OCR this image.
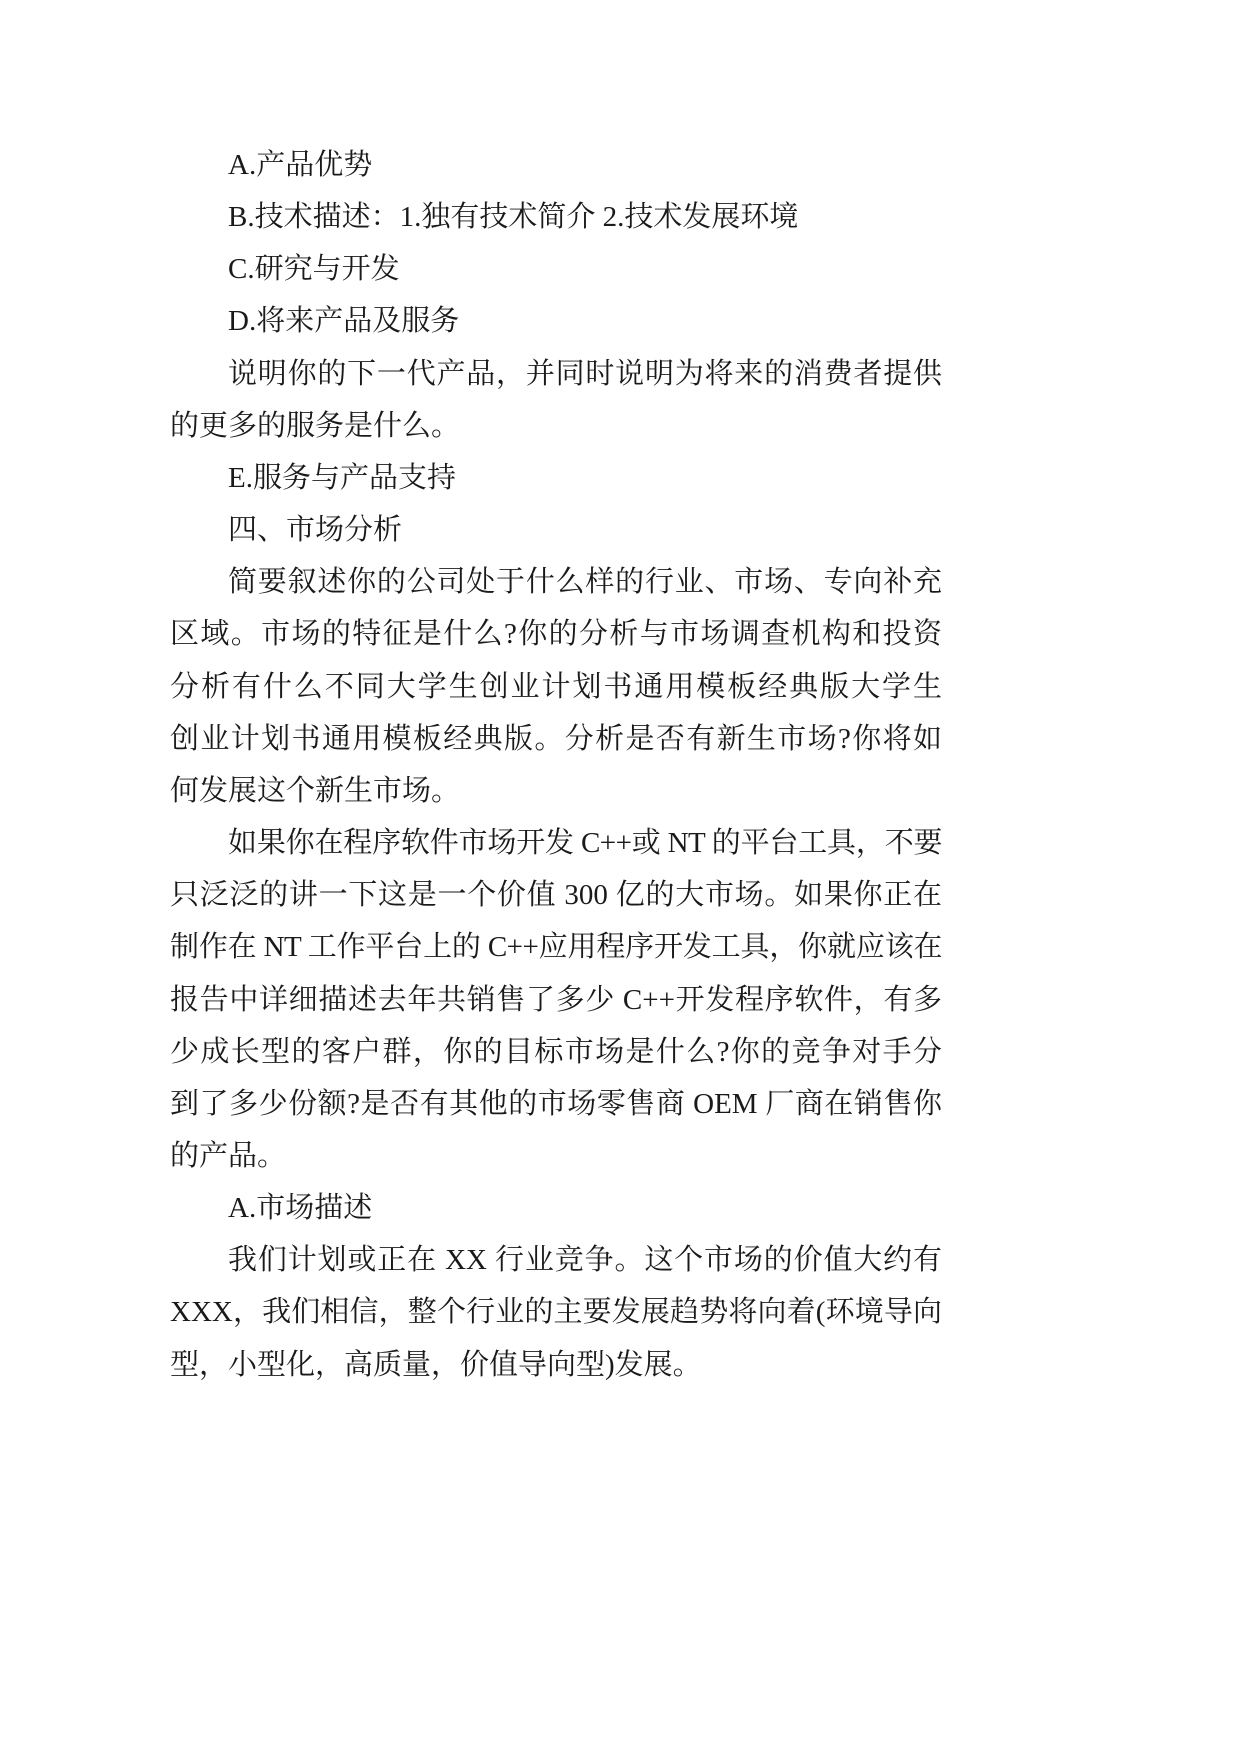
A.产品优势
B.技术描述：1.独有技术简介 2.技术发展环境
C.研究与开发
D.将来产品及服务
说明你的下一代产品，并同时说明为将来的消费者提供
的更多的服务是什么。
E.服务与产品支持
四、市场分析
简要叙述你的公司处于什么样的行业、市场、专向补充
区域。市场的特征是什么?你的分析与市场调查机构和投资
分析有什么不同大学生创业计划书通用模板经典版大学生
创业计划书通用模板经典版。分析是否有新生市场?你将如
何发展这个新生市场。
如果你在程序软件市场开发 C++或 NT 的平台工具，不要
只泛泛的讲一下这是一个价值 300 亿的大市场。如果你正在
制作在 NT 工作平台上的 C++应用程序开发工具，你就应该在
报告中详细描述去年共销售了多少 C++开发程序软件，有多
少成长型的客户群，你的目标市场是什么?你的竞争对手分
到了多少份额?是否有其他的市场零售商 OEM 厂商在销售你
的产品。
A.市场描述
我们计划或正在 XX 行业竞争。这个市场的价值大约有
XXX，我们相信，整个行业的主要发展趋势将向着(环境导向
型，小型化，高质量，价值导向型)发展。
